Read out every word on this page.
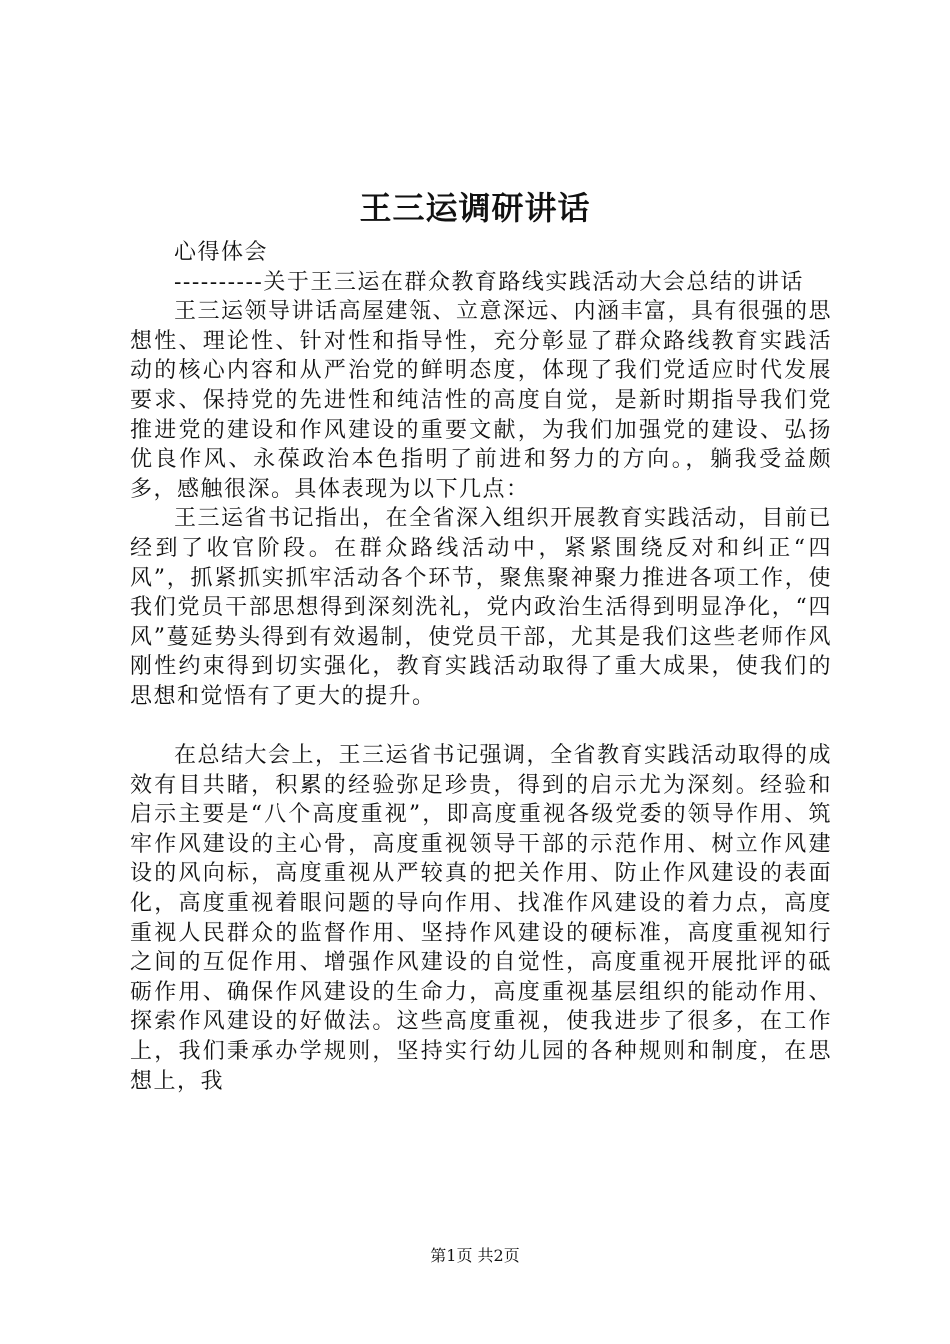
王三运调研讲话

心得体会

----------关于王三运在群众教育路线实践活动大会总结的讲话

王三运领导讲话高屋建瓴、立意深远、内涵丰富，具有很强的思想性、理论性、针对性和指导性，充分彰显了群众路线教育实践活动的核心内容和从严治党的鲜明态度，体现了我们党适应时代发展要求、保持党的先进性和纯洁性的高度自觉，是新时期指导我们党推进党的建设和作风建设的重要文献，为我们加强党的建设、弘扬优良作风、永葆政治本色指明了前进和努力的方向。，躺我受益颇多，感触很深。具体表现为以下几点：

王三运省书记指出，在全省深入组织开展教育实践活动，目前已经到了收官阶段。在群众路线活动中，紧紧围绕反对和纠正“四风”，抓紧抓实抓牢活动各个环节，聚焦聚神聚力推进各项工作，使我们党员干部思想得到深刻洗礼，党内政治生活得到明显净化，“四风”蔓延势头得到有效遏制，使党员干部，尤其是我们这些老师作风刚性约束得到切实强化，教育实践活动取得了重大成果，使我们的思想和觉悟有了更大的提升。

在总结大会上，王三运省书记强调，全省教育实践活动取得的成效有目共睹，积累的经验弥足珍贵，得到的启示尤为深刻。经验和启示主要是“八个高度重视”，即高度重视各级党委的领导作用、筑牢作风建设的主心骨，高度重视领导干部的示范作用、树立作风建设的风向标，高度重视从严较真的把关作用、防止作风建设的表面化，高度重视着眼问题的导向作用、找准作风建设的着力点，高度重视人民群众的监督作用、坚持作风建设的硬标准，高度重视知行之间的互促作用、增强作风建设的自觉性，高度重视开展批评的砥砺作用、确保作风建设的生命力，高度重视基层组织的能动作用、探索作风建设的好做法。这些高度重视，使我进步了很多，在工作上，我们秉承办学规则，坚持实行幼儿园的各种规则和制度，在思想上，我

第1页 共2页
